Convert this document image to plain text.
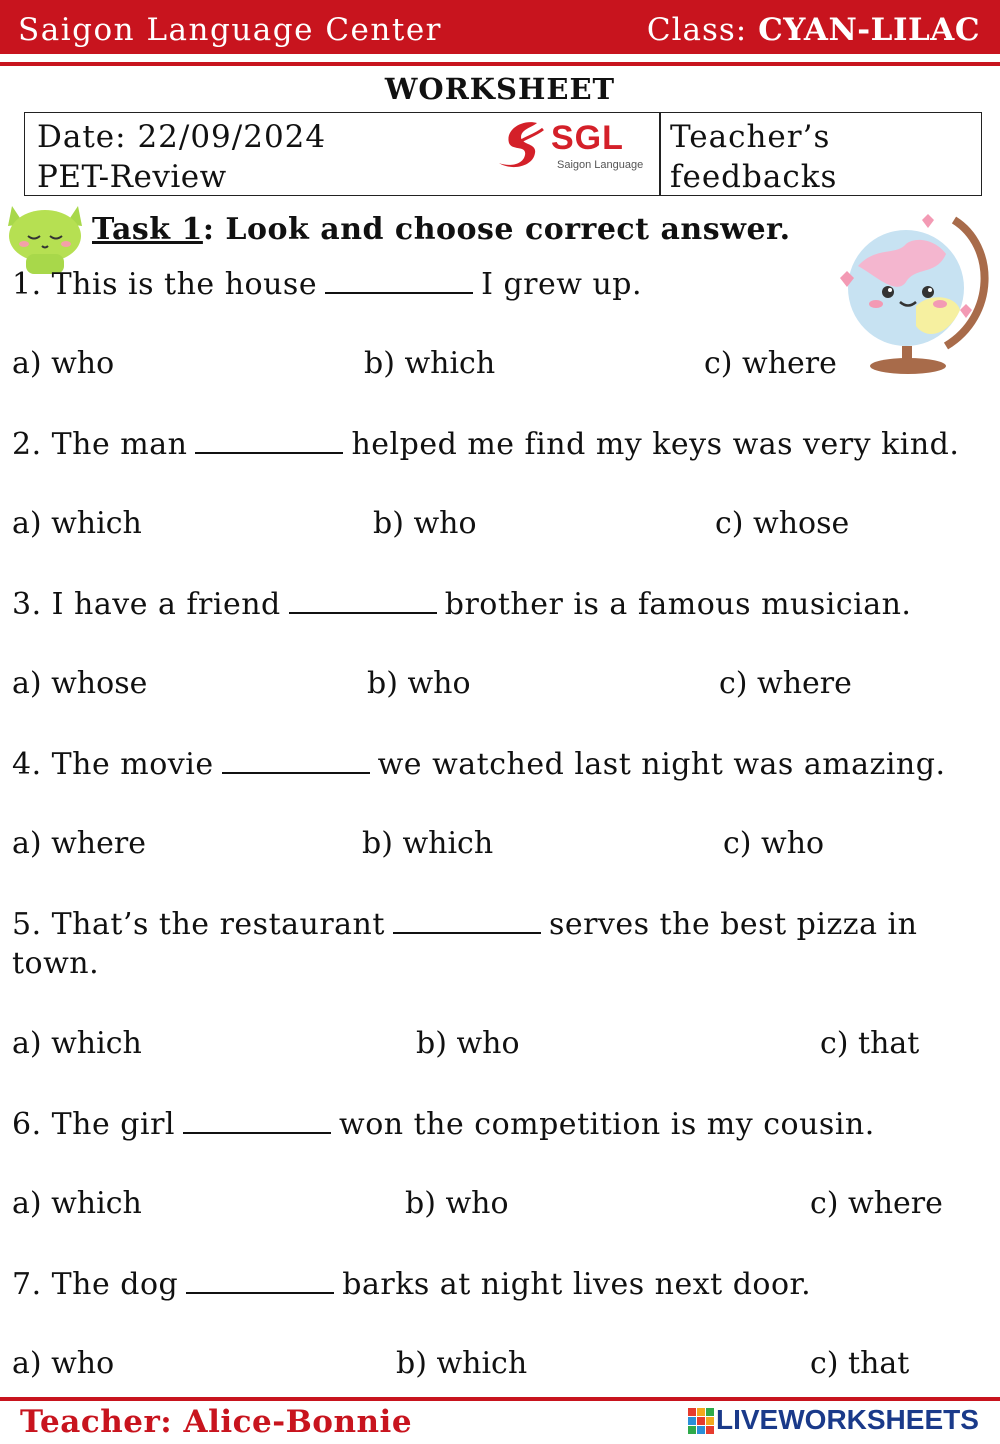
Saigon Language Center	Class: CYAN-LILAC
WORKSHEET
Date: 22/09/2024
PET-Review
SGL
Saigon Language
Teacher’s
feedbacks
Task 1: Look and choose correct answer.
1. This is the house	I grew up.
a) who	b) which	c) where
2. The man	helped me find my keys was very kind.
a) which	b) who	c) whose
3. I have a friend	brother is a famous musician.
a) whose	b) who	c) where
4. The movie	we watched last night was amazing.
a) where	b) which	c) who
5. That’s the restaurant	serves the best pizza in
town.
a) which	b) who	c) that
6. The girl	won the competition is my cousin.
a) which	b) who	c) where
7. The dog	barks at night lives next door.
a) who	b) which	c) that
Teacher: Alice-Bonnie	LIVEWORKSHEETS
